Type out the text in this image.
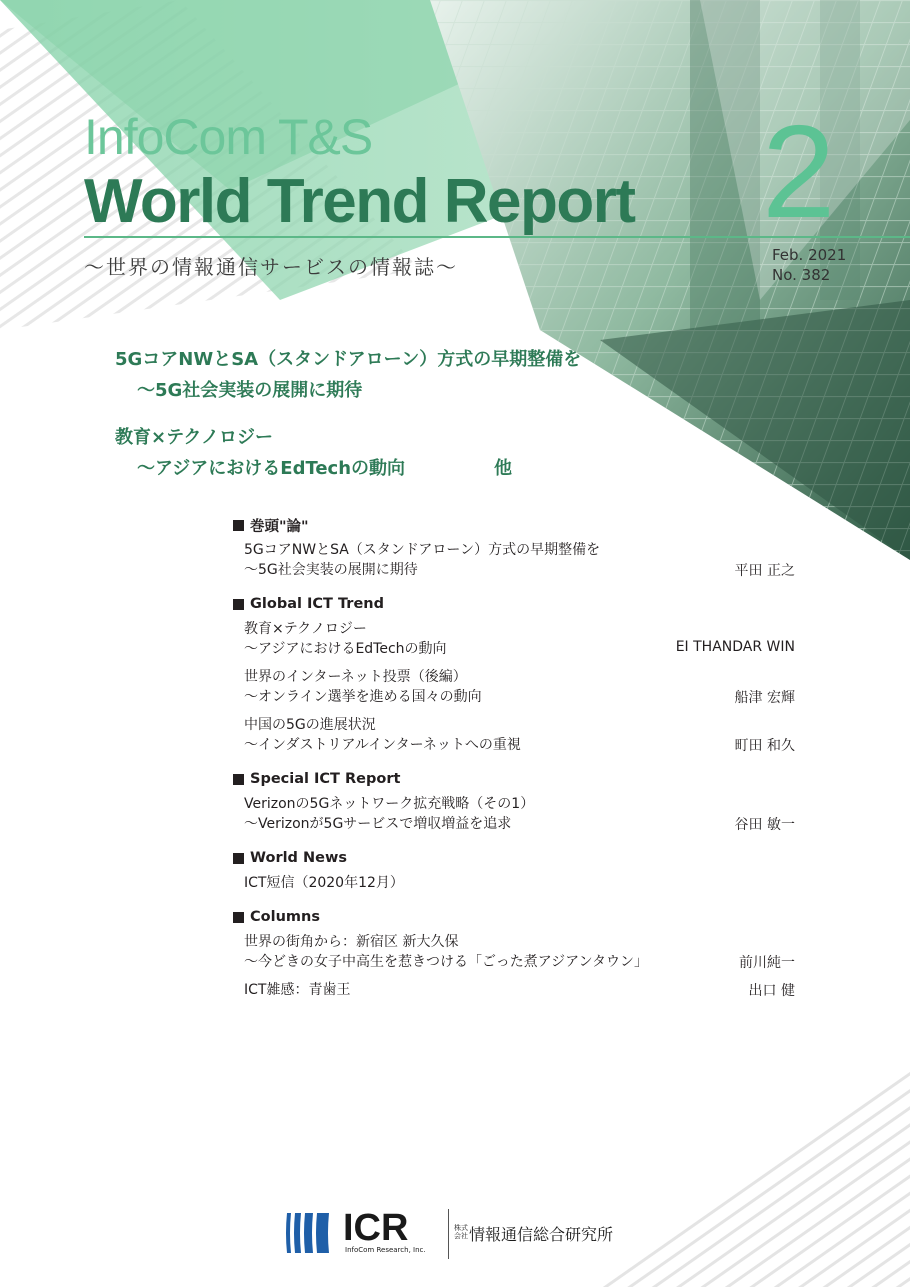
InfoCom T&S
World Trend Report
～世界の情報通信サービスの情報誌～
2
Feb. 2021
No. 382
5GコアNWとSA（スタンドアローン）方式の早期整備を
～5G社会実装の展開に期待
教育×テクノロジー
～アジアにおけるEdTechの動向	他
巻頭"論"
5GコアNWとSA（スタンドアローン）方式の早期整備を
～5G社会実装の展開に期待	平田 正之
Global ICT Trend
教育×テクノロジー
～アジアにおけるEdTechの動向	EI THANDAR WIN
世界のインターネット投票（後編）
～オンライン選挙を進める国々の動向	船津 宏輝
中国の5Gの進展状況
～インダストリアルインターネットへの重視	町田 和久
Special ICT Report
Verizonの5Gネットワーク拡充戦略（その1）
～Verizonが5Gサービスで増収増益を追求	谷田 敏一
World News
ICT短信（2020年12月）
Columns
世界の街角から：新宿区 新大久保
～今どきの女子中高生を惹きつける「ごった煮アジアンタウン」	前川純一
ICT雑感：青歯王	出口 健
ICR
InfoCom Research, Inc.
株式会社 情報通信総合研究所
